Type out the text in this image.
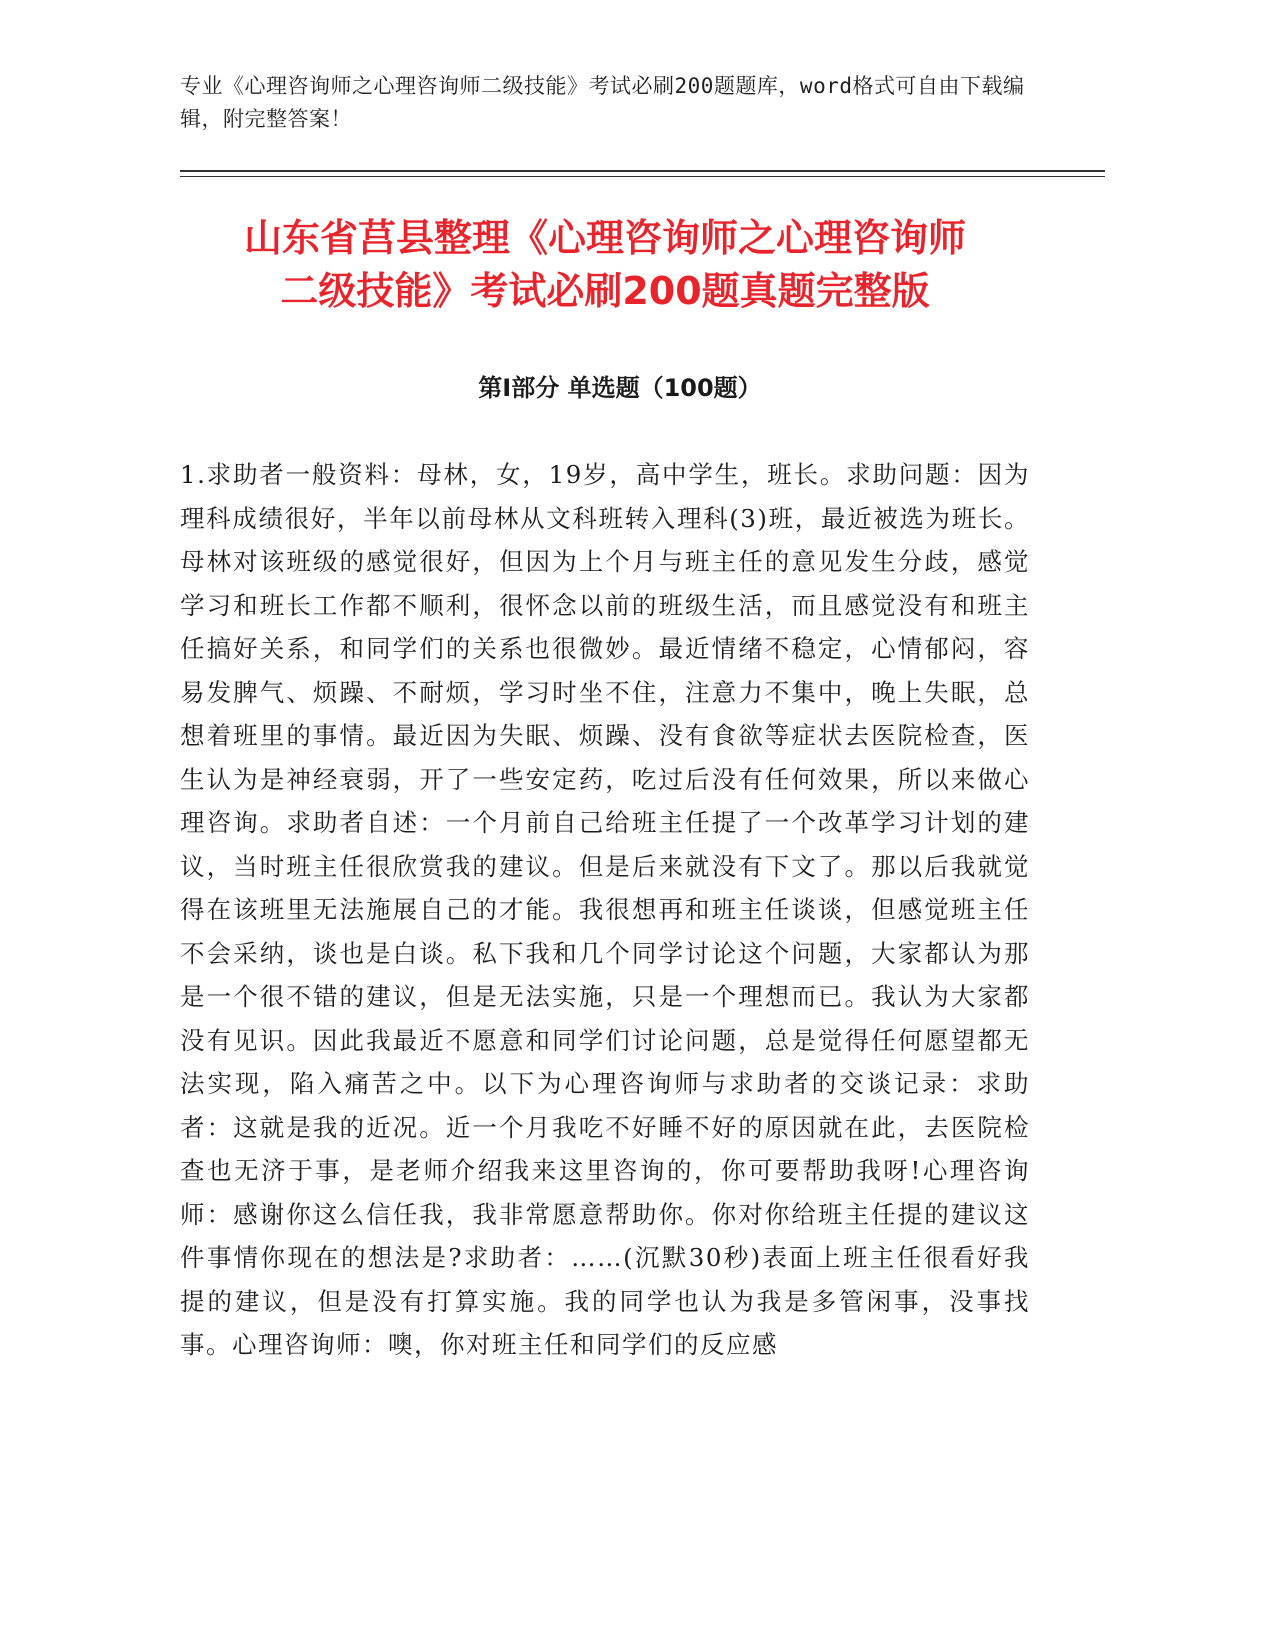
专业《心理咨询师之心理咨询师二级技能》考试必刷200题题库，word格式可自由下载编辑，附完整答案！
山东省莒县整理《心理咨询师之心理咨询师
二级技能》考试必刷200题真题完整版
第Ⅰ部分 单选题（100题）

1.求助者一般资料：母林，女，19岁，高中学生，班长。求助问题：因为理科成绩很好，半年以前母林从文科班转入理科(3)班，最近被选为班长。母林对该班级的感觉很好，但因为上个月与班主任的意见发生分歧，感觉学习和班长工作都不顺利，很怀念以前的班级生活，而且感觉没有和班主任搞好关系，和同学们的关系也很微妙。最近情绪不稳定，心情郁闷，容易发脾气、烦躁、不耐烦，学习时坐不住，注意力不集中，晚上失眠，总想着班里的事情。最近因为失眠、烦躁、没有食欲等症状去医院检查，医生认为是神经衰弱，开了一些安定药，吃过后没有任何效果，所以来做心理咨询。求助者自述：一个月前自己给班主任提了一个改革学习计划的建议，当时班主任很欣赏我的建议。但是后来就没有下文了。那以后我就觉得在该班里无法施展自己的才能。我很想再和班主任谈谈，但感觉班主任不会采纳，谈也是白谈。私下我和几个同学讨论这个问题，大家都认为那是一个很不错的建议，但是无法实施，只是一个理想而已。我认为大家都没有见识。因此我最近不愿意和同学们讨论问题，总是觉得任何愿望都无法实现，陷入痛苦之中。以下为心理咨询师与求助者的交谈记录：求助者：这就是我的近况。近一个月我吃不好睡不好的原因就在此，去医院检查也无济于事，是老师介绍我来这里咨询的，你可要帮助我呀!心理咨询师：感谢你这么信任我，我非常愿意帮助你。你对你给班主任提的建议这件事情你现在的想法是?求助者：……(沉默30秒)表面上班主任很看好我提的建议，但是没有打算实施。我的同学也认为我是多管闲事，没事找事。心理咨询师：噢，你对班主任和同学们的反应感
